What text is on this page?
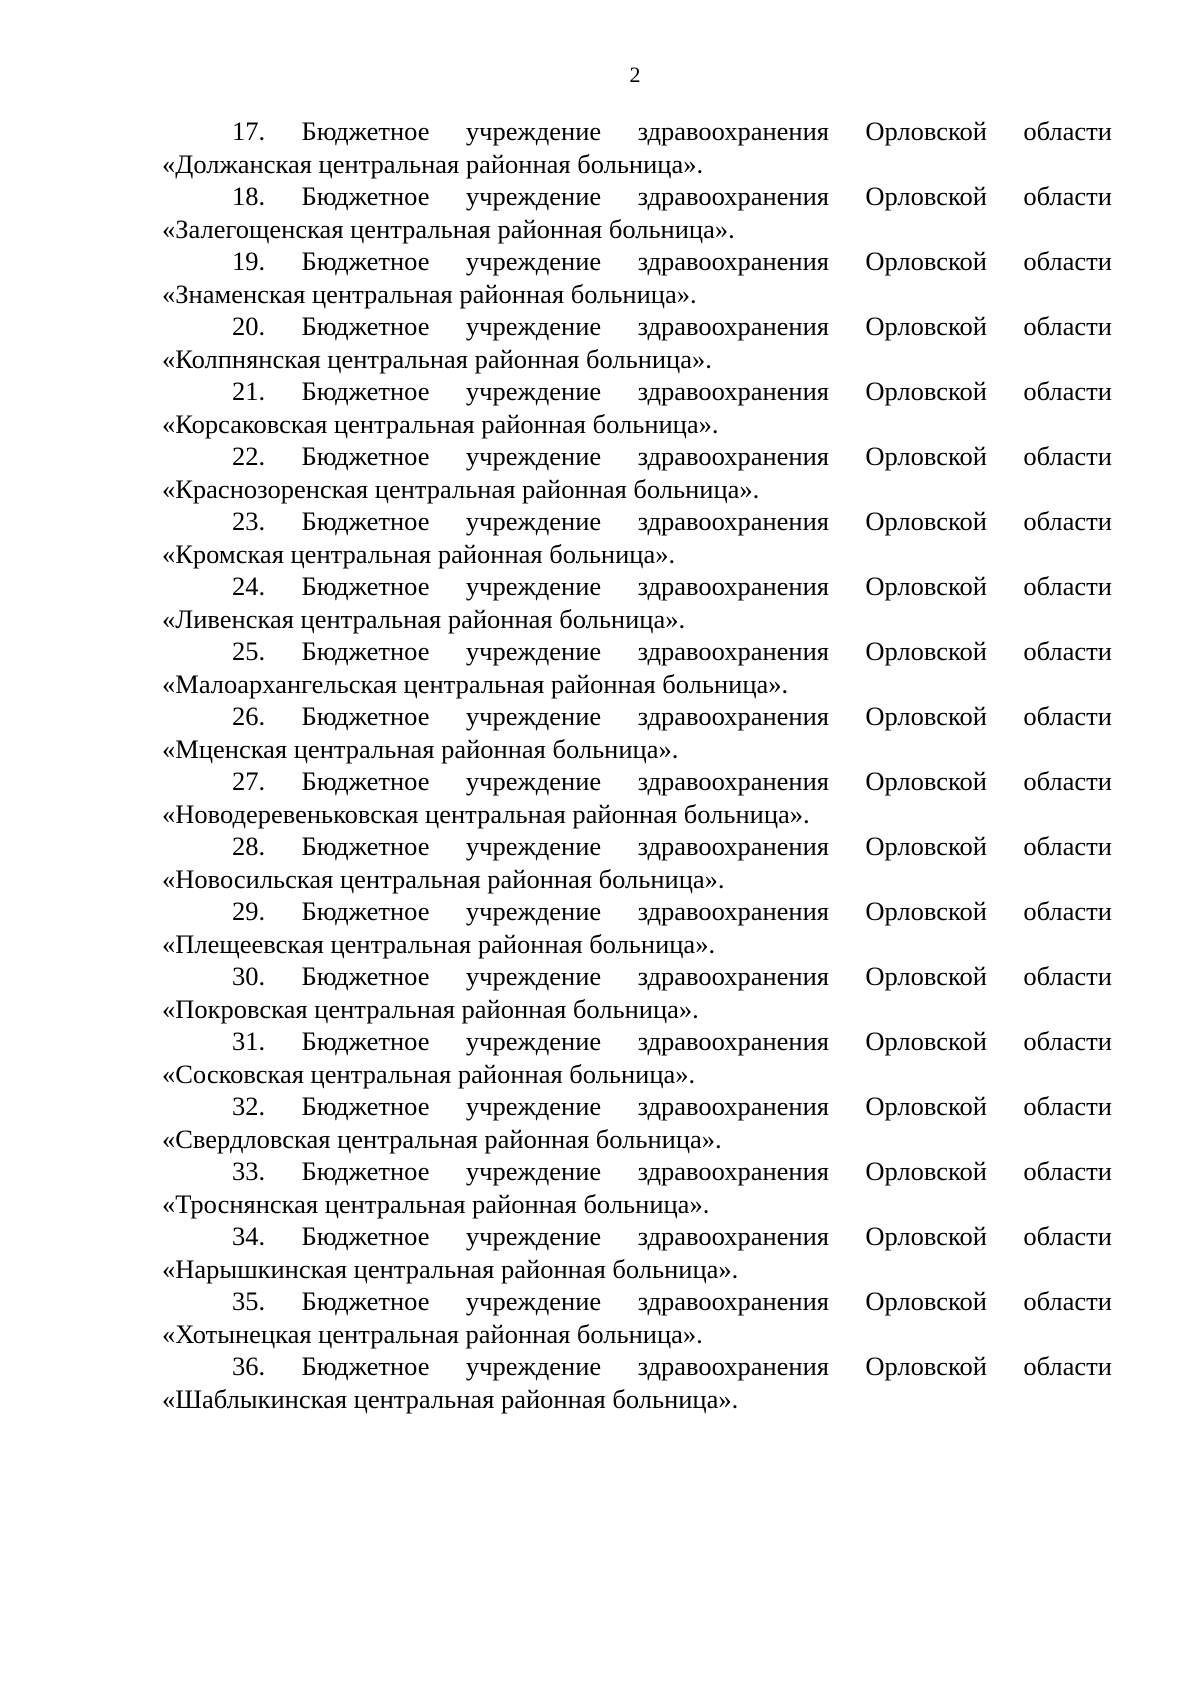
2
17. Бюджетное учреждение здравоохранения Орловской области
«Должанская центральная районная больница».
18. Бюджетное учреждение здравоохранения Орловской области
«Залегощенская центральная районная больница».
19. Бюджетное учреждение здравоохранения Орловской области
«Знаменская центральная районная больница».
20. Бюджетное учреждение здравоохранения Орловской области
«Колпнянская центральная районная больница».
21. Бюджетное учреждение здравоохранения Орловской области
«Корсаковская центральная районная больница».
22. Бюджетное учреждение здравоохранения Орловской области
«Краснозоренская центральная районная больница».
23. Бюджетное учреждение здравоохранения Орловской области
«Кромская центральная районная больница».
24. Бюджетное учреждение здравоохранения Орловской области
«Ливенская центральная районная больница».
25. Бюджетное учреждение здравоохранения Орловской области
«Малоархангельская центральная районная больница».
26. Бюджетное учреждение здравоохранения Орловской области
«Мценская центральная районная больница».
27. Бюджетное учреждение здравоохранения Орловской области
«Новодеревеньковская центральная районная больница».
28. Бюджетное учреждение здравоохранения Орловской области
«Новосильская центральная районная больница».
29. Бюджетное учреждение здравоохранения Орловской области
«Плещеевская центральная районная больница».
30. Бюджетное учреждение здравоохранения Орловской области
«Покровская центральная районная больница».
31. Бюджетное учреждение здравоохранения Орловской области
«Сосковская центральная районная больница».
32. Бюджетное учреждение здравоохранения Орловской области
«Свердловская центральная районная больница».
33. Бюджетное учреждение здравоохранения Орловской области
«Троснянская центральная районная больница».
34. Бюджетное учреждение здравоохранения Орловской области
«Нарышкинская центральная районная больница».
35. Бюджетное учреждение здравоохранения Орловской области
«Хотынецкая центральная районная больница».
36. Бюджетное учреждение здравоохранения Орловской области
«Шаблыкинская центральная районная больница».
